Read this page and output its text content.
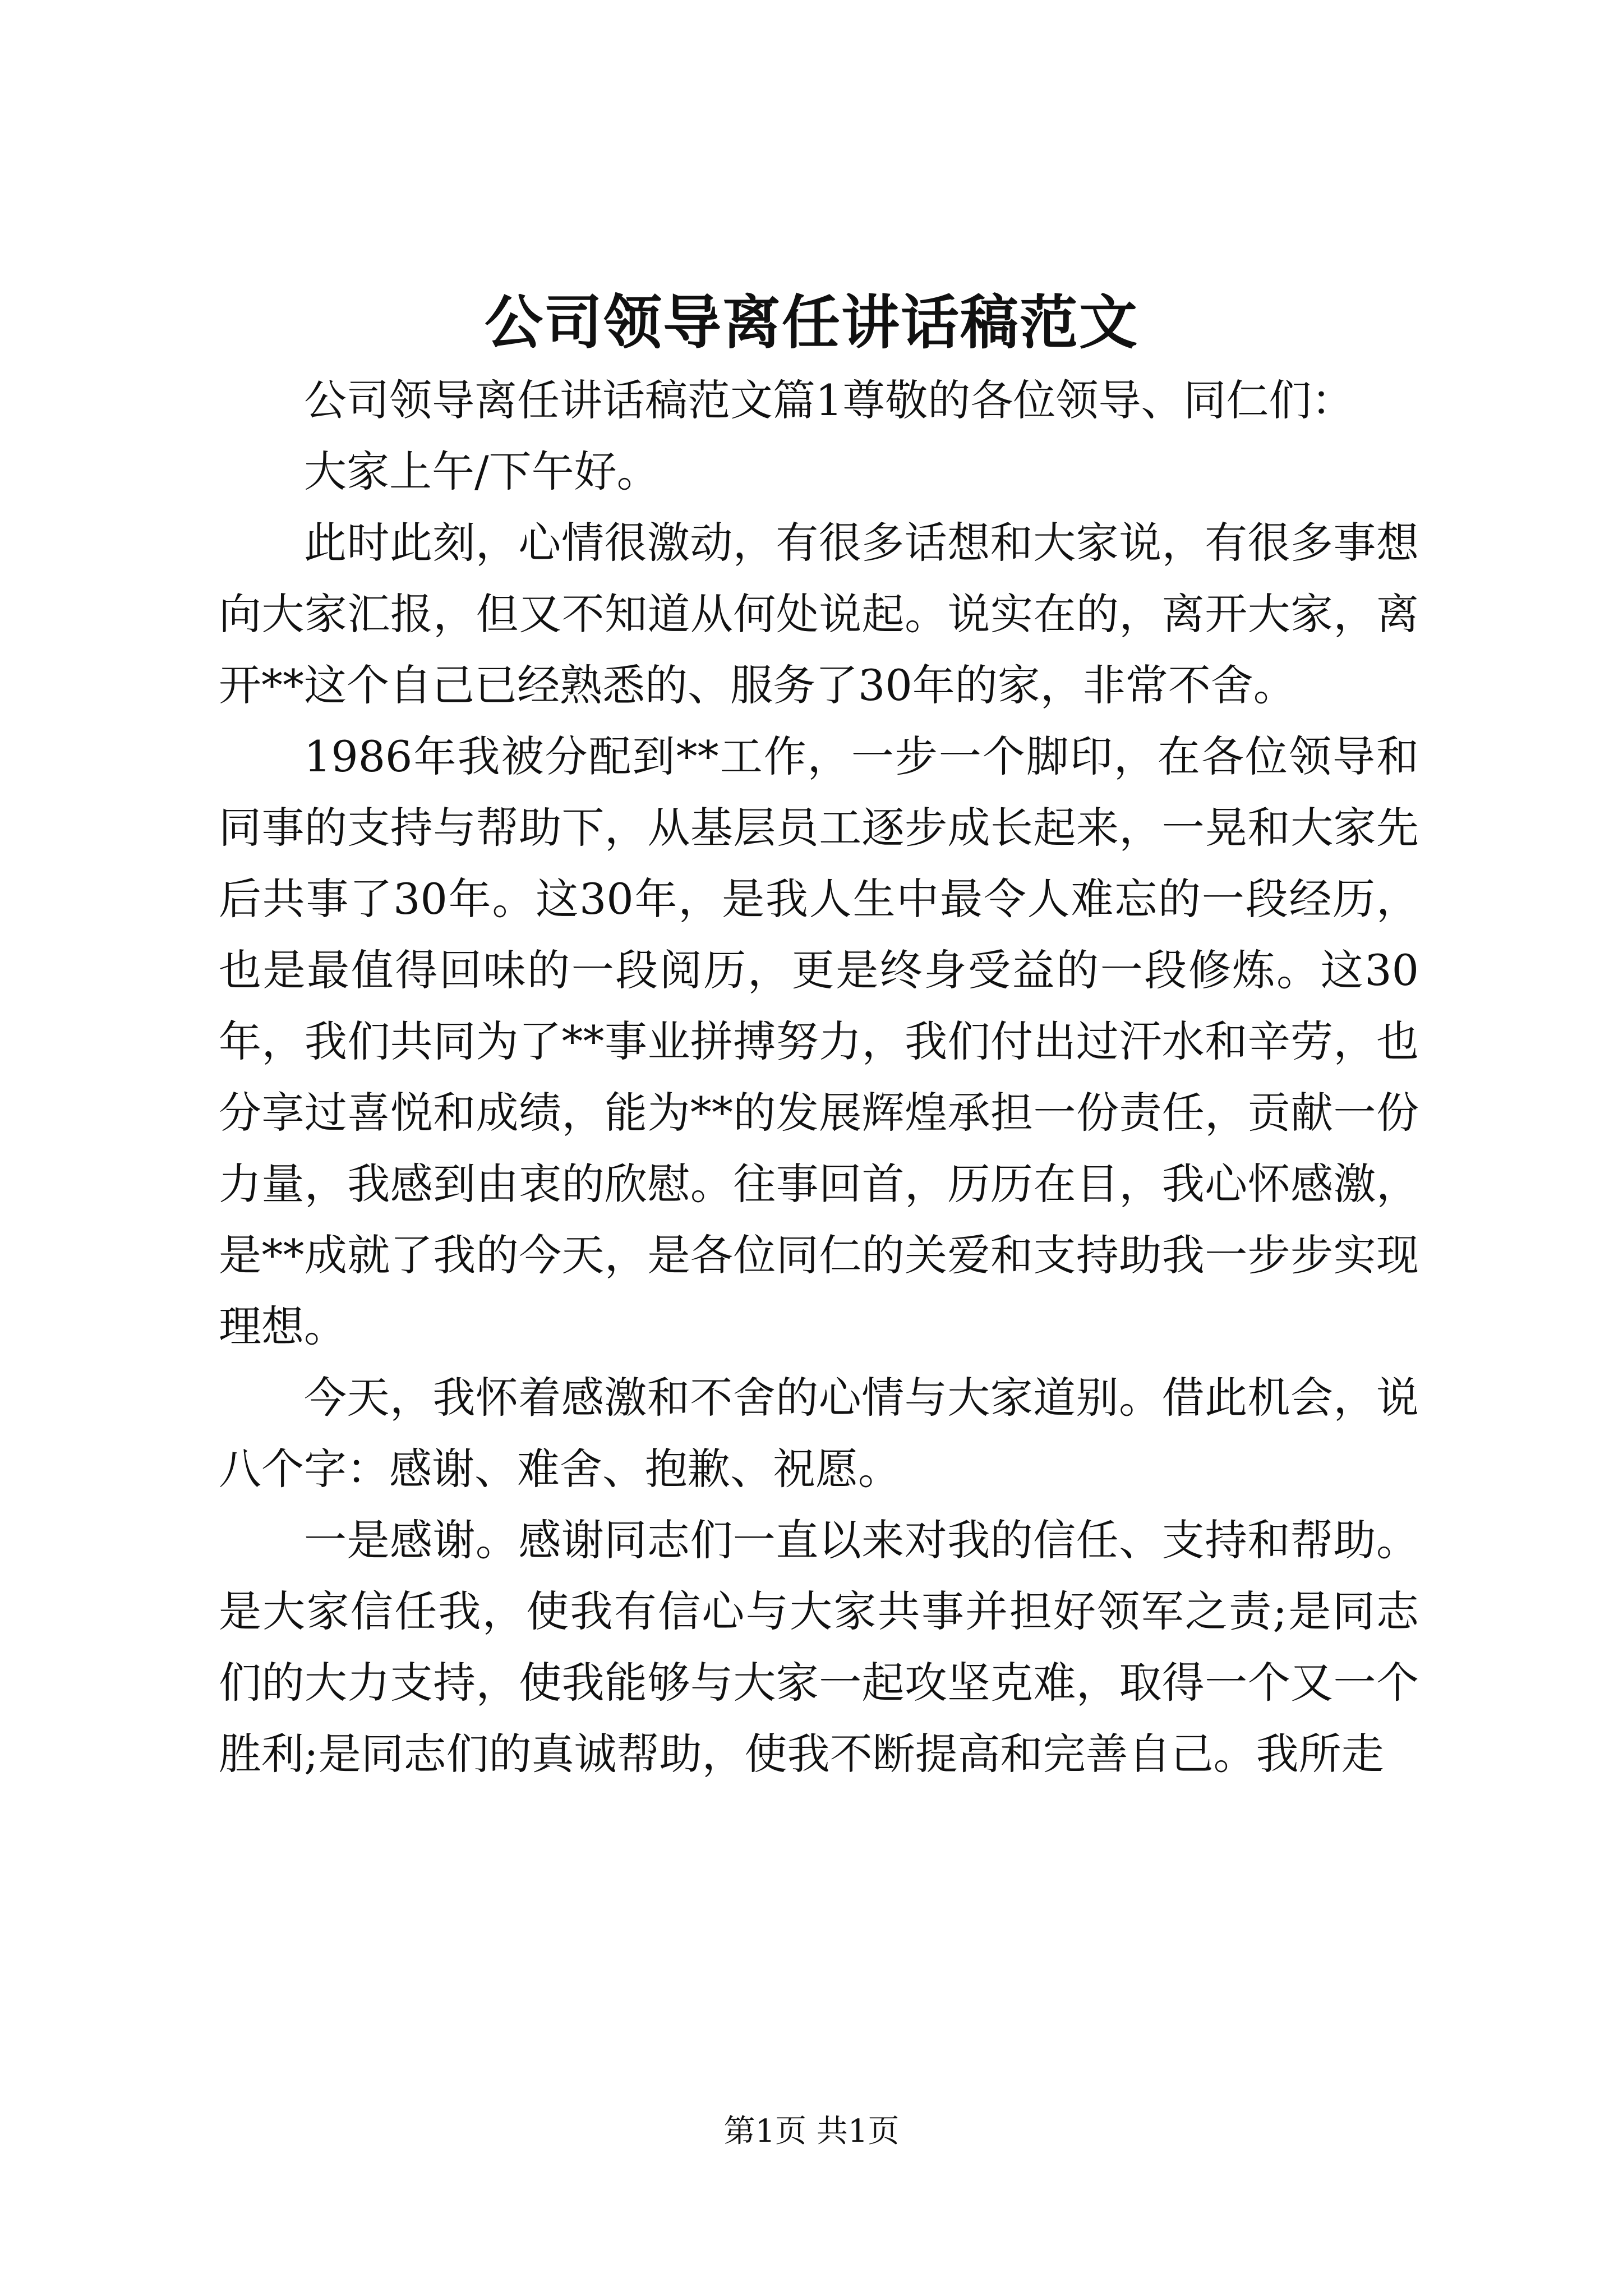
公司领导离任讲话稿范文

公司领导离任讲话稿范文篇1尊敬的各位领导、同仁们：

大家上午/下午好。

此时此刻，心情很激动，有很多话想和大家说，有很多事想向大家汇报，但又不知道从何处说起。说实在的，离开大家，离开**这个自己已经熟悉的、服务了30年的家，非常不舍。

1986年我被分配到**工作，一步一个脚印，在各位领导和同事的支持与帮助下，从基层员工逐步成长起来，一晃和大家先后共事了30年。这30年，是我人生中最令人难忘的一段经历，也是最值得回味的一段阅历，更是终身受益的一段修炼。这30年，我们共同为了**事业拼搏努力，我们付出过汗水和辛劳，也分享过喜悦和成绩，能为**的发展辉煌承担一份责任，贡献一份力量，我感到由衷的欣慰。往事回首，历历在目，我心怀感激，是**成就了我的今天，是各位同仁的关爱和支持助我一步步实现理想。

今天，我怀着感激和不舍的心情与大家道别。借此机会，说八个字：感谢、难舍、抱歉、祝愿。

一是感谢。感谢同志们一直以来对我的信任、支持和帮助。是大家信任我，使我有信心与大家共事并担好领军之责;是同志们的大力支持，使我能够与大家一起攻坚克难，取得一个又一个胜利;是同志们的真诚帮助，使我不断提高和完善自己。我所走

第1页 共1页
